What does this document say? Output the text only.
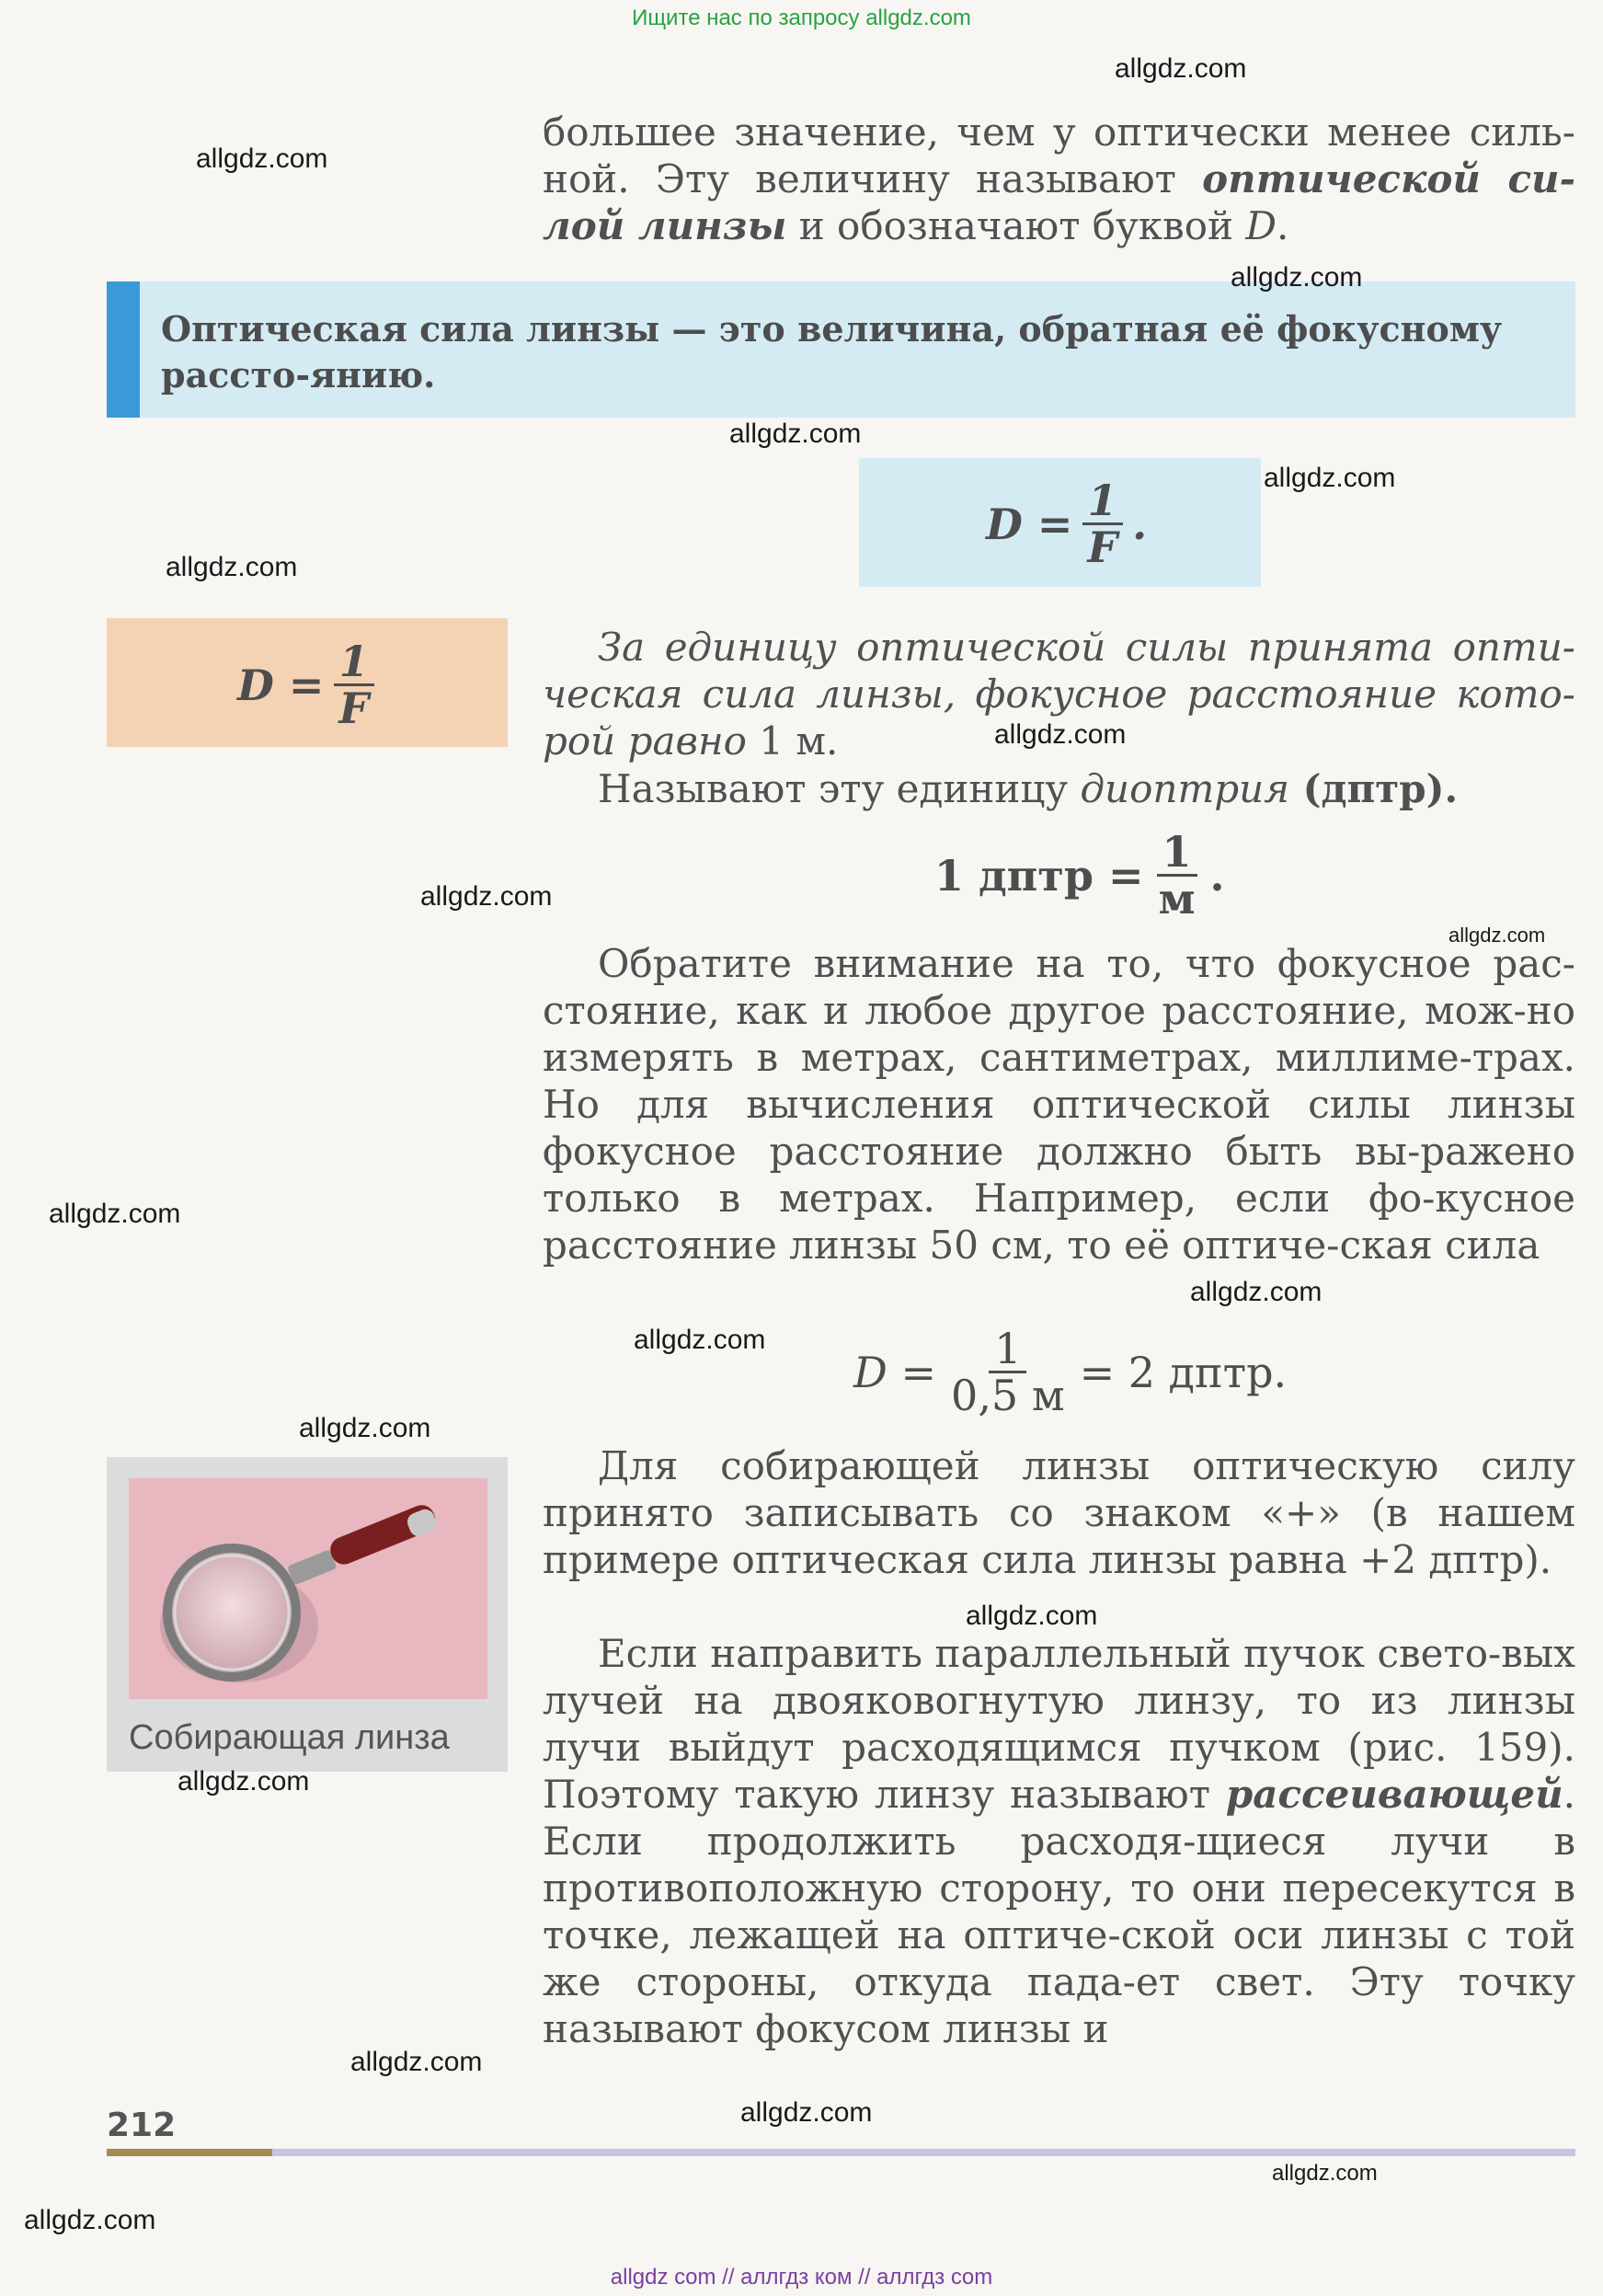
Ищите нас по запросу allgdz.com
большее значение, чем у оптически менее силь-ной. Эту величину называют оптической си-лой линзы и обозначают буквой D.
Оптическая сила линзы — это величина, обратная её фокусному рассто-янию.
$D = \frac{1}{F}$ .
$D = \frac{1}{F}$	За единицу оптической силы принята опти-ческая сила линзы, фокусное расстояние кото-рой равно 1 м.
Называют эту единицу диоптрия (дптр).
1 дптр = $\frac{1}{м}$ .
Обратите внимание на то, что фокусное рас-стояние, как и любое другое расстояние, мож-но измерять в метрах, сантиметрах, миллиме-трах. Но для вычисления оптической силы линзы фокусное расстояние должно быть вы-ражено только в метрах. Например, если фо-кусное расстояние линзы 50 см, то её оптиче-ская сила
$D = \frac{1}{0,5 м} = 2$ дптр.
Для собирающей линзы оптическую силу принято записывать со знаком «+» (в нашем примере оптическая сила линзы равна +2 дптр).
Если направить параллельный пучок свето-вых лучей на двояковогнутую линзу, то из линзы лучи выйдут расходящимся пучком (рис. 159). Поэтому такую линзу называют рассеивающей. Если продолжить расходя-щиеся лучи в противоположную сторону, то они пересекутся в точке, лежащей на оптиче-ской оси линзы с той же стороны, откуда пада-ет свет. Эту точку называют фокусом линзы и
Собирающая линза
212
allgdz com // аллгдз ком // аллгдз com
allgdz.com
allgdz.com
allgdz.com
allgdz.com
allgdz.com
allgdz.com
allgdz.com
allgdz.com
allgdz.com
allgdz.com
allgdz.com
allgdz.com
allgdz.com
allgdz.com
allgdz.com
allgdz.com
allgdz.com
allgdz.com
allgdz.com
